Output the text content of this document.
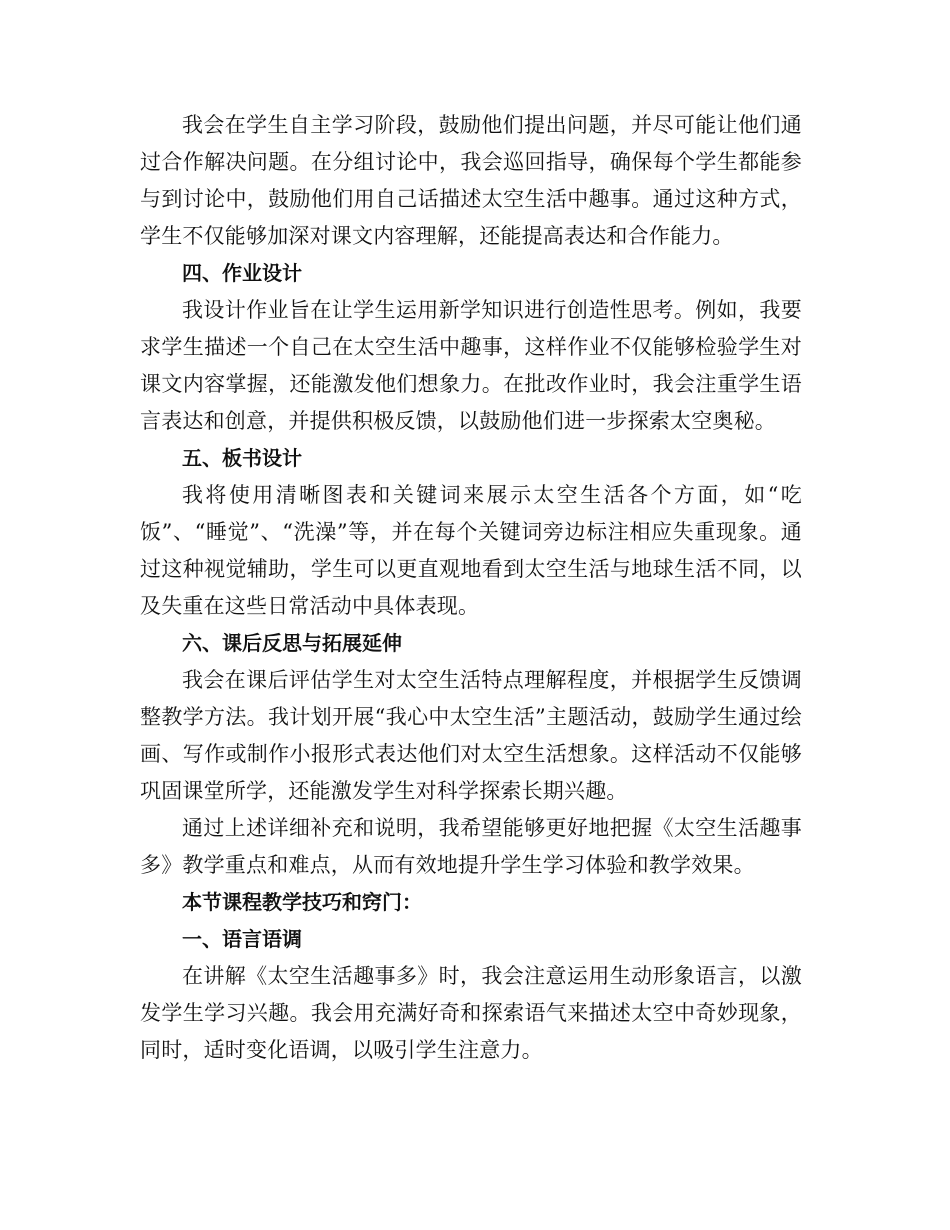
我会在学生自主学习阶段，鼓励他们提出问题，并尽可能让他们通过合作解决问题。在分组讨论中，我会巡回指导，确保每个学生都能参与到讨论中，鼓励他们用自己话描述太空生活中趣事。通过这种方式，学生不仅能够加深对课文内容理解，还能提高表达和合作能力。

四、作业设计

我设计作业旨在让学生运用新学知识进行创造性思考。例如，我要求学生描述一个自己在太空生活中趣事，这样作业不仅能够检验学生对课文内容掌握，还能激发他们想象力。在批改作业时，我会注重学生语言表达和创意，并提供积极反馈，以鼓励他们进一步探索太空奥秘。

五、板书设计

我将使用清晰图表和关键词来展示太空生活各个方面，如“吃饭”、“睡觉”、“洗澡”等，并在每个关键词旁边标注相应失重现象。通过这种视觉辅助，学生可以更直观地看到太空生活与地球生活不同，以及失重在这些日常活动中具体表现。

六、课后反思与拓展延伸

我会在课后评估学生对太空生活特点理解程度，并根据学生反馈调整教学方法。我计划开展“我心中太空生活”主题活动，鼓励学生通过绘画、写作或制作小报形式表达他们对太空生活想象。这样活动不仅能够巩固课堂所学，还能激发学生对科学探索长期兴趣。

通过上述详细补充和说明，我希望能够更好地把握《太空生活趣事多》教学重点和难点，从而有效地提升学生学习体验和教学效果。

本节课程教学技巧和窍门：

一、语言语调

在讲解《太空生活趣事多》时，我会注意运用生动形象语言，以激发学生学习兴趣。我会用充满好奇和探索语气来描述太空中奇妙现象，同时，适时变化语调，以吸引学生注意力。
